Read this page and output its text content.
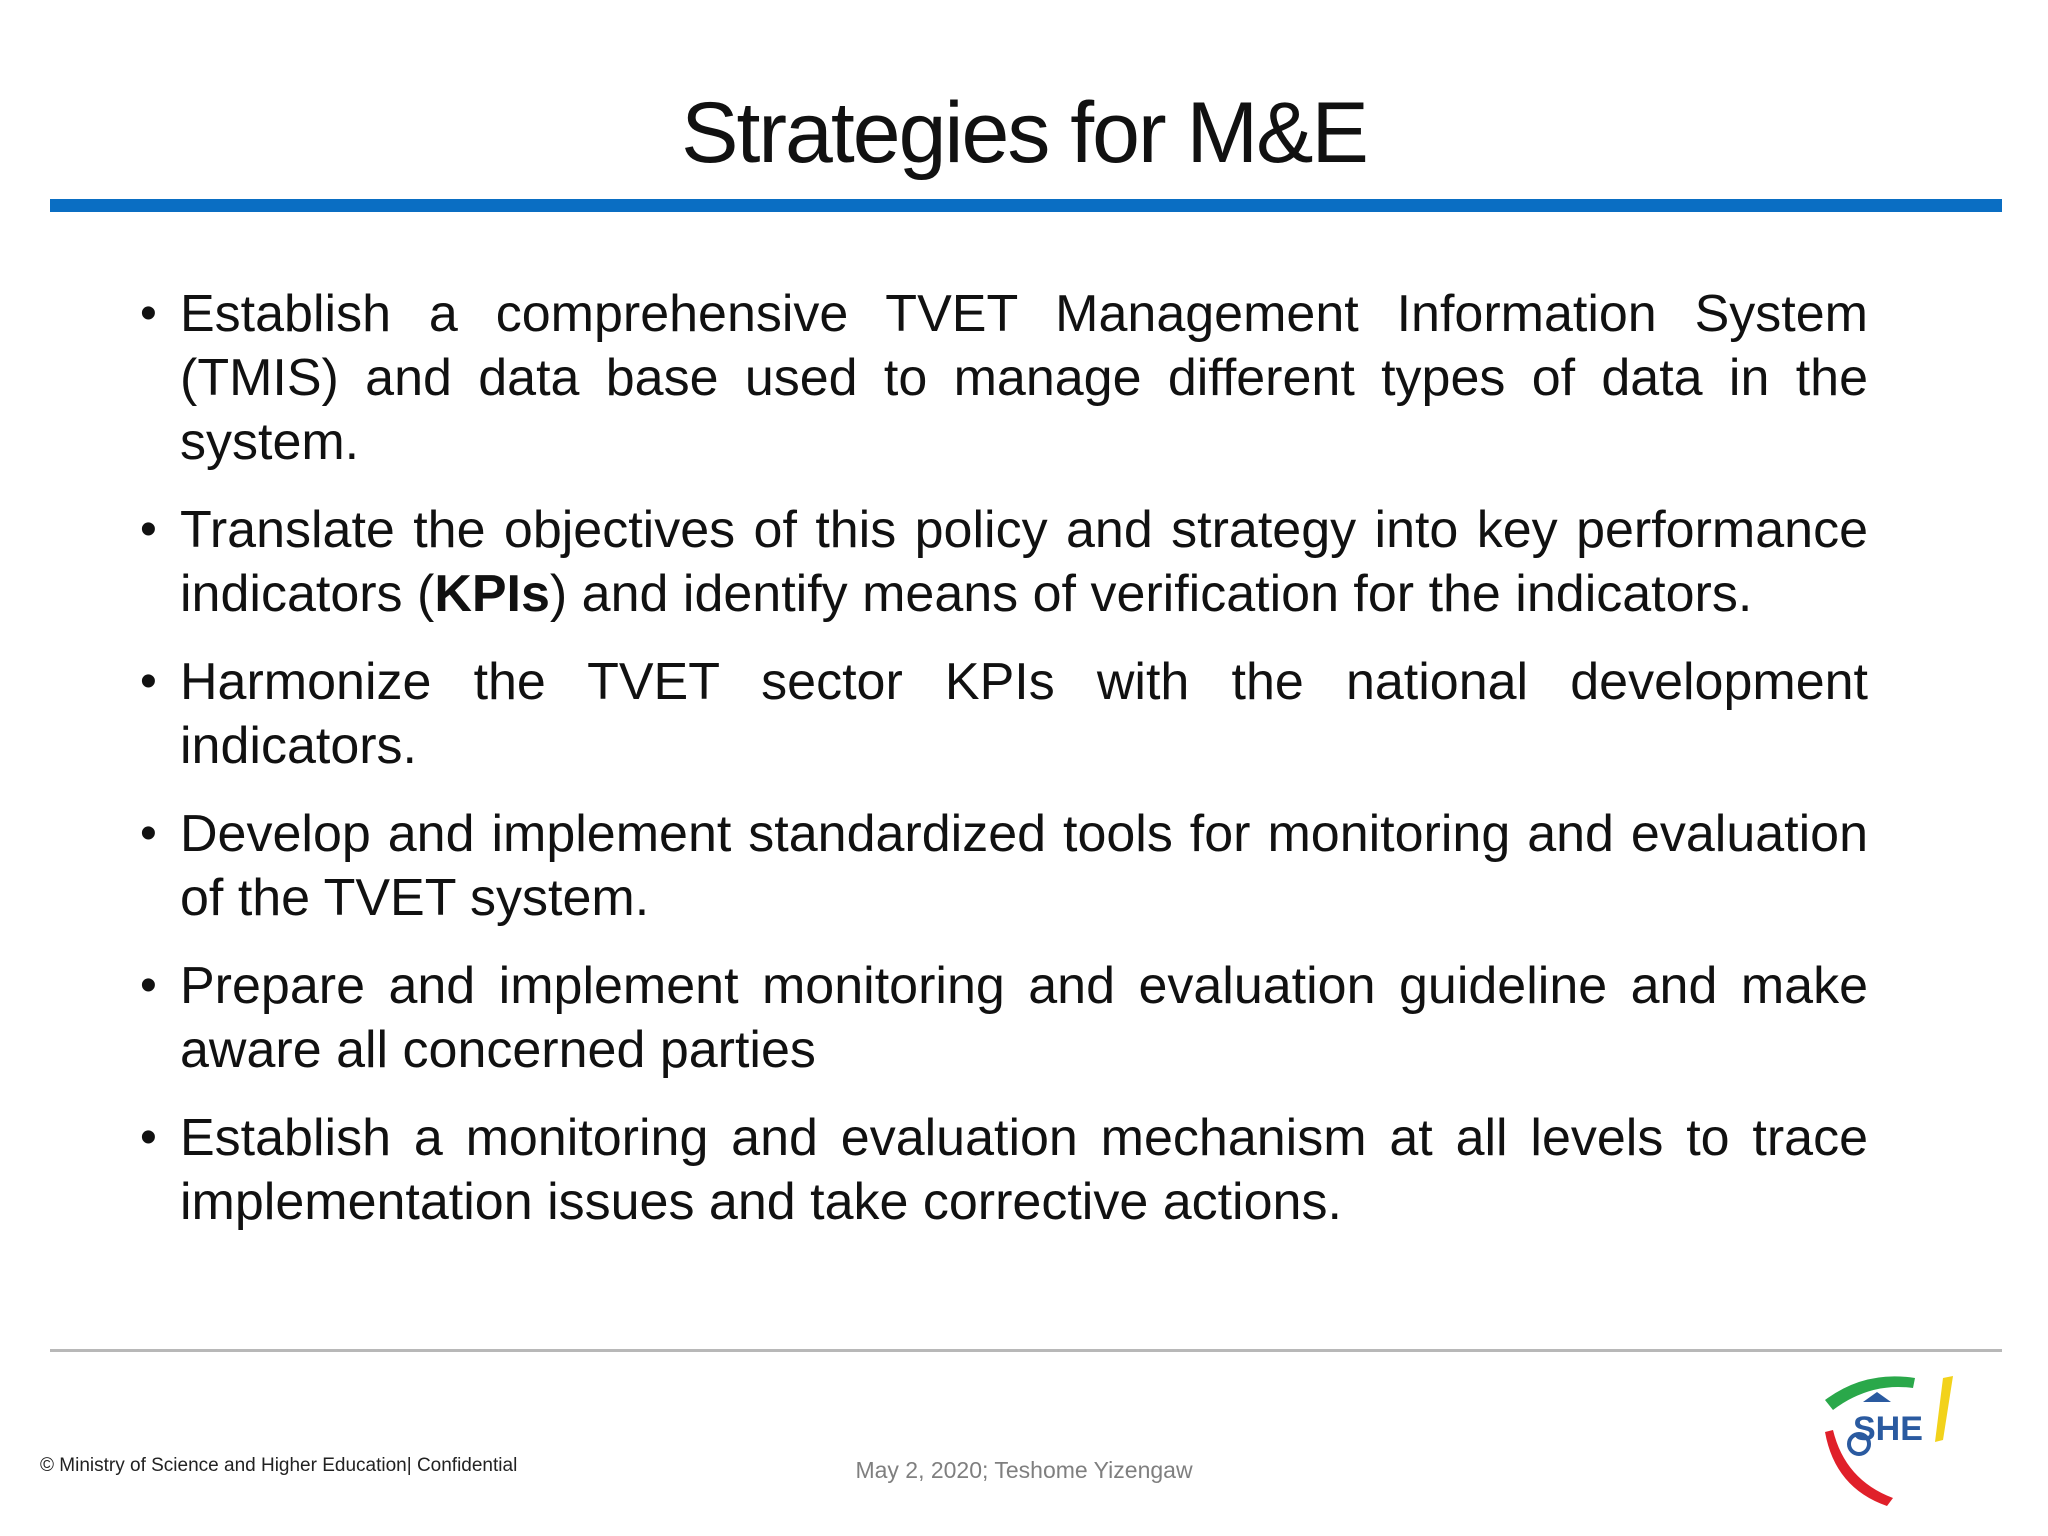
Strategies for M&E
• Establish a comprehensive TVET Management Information System (TMIS) and data base used to manage different types of data in the system.
• Translate the objectives of this policy and strategy into key performance indicators (KPIs) and identify means of verification for the indicators.
• Harmonize the TVET sector KPIs with the national development indicators.
• Develop and implement standardized tools for monitoring and evaluation of the TVET system.
• Prepare and implement monitoring and evaluation guideline and make aware all concerned parties
• Establish a monitoring and evaluation mechanism at all levels to trace implementation issues and take corrective actions.
© Ministry of Science and Higher Education| Confidential	May 2, 2020; Teshome Yizengaw
SHE
